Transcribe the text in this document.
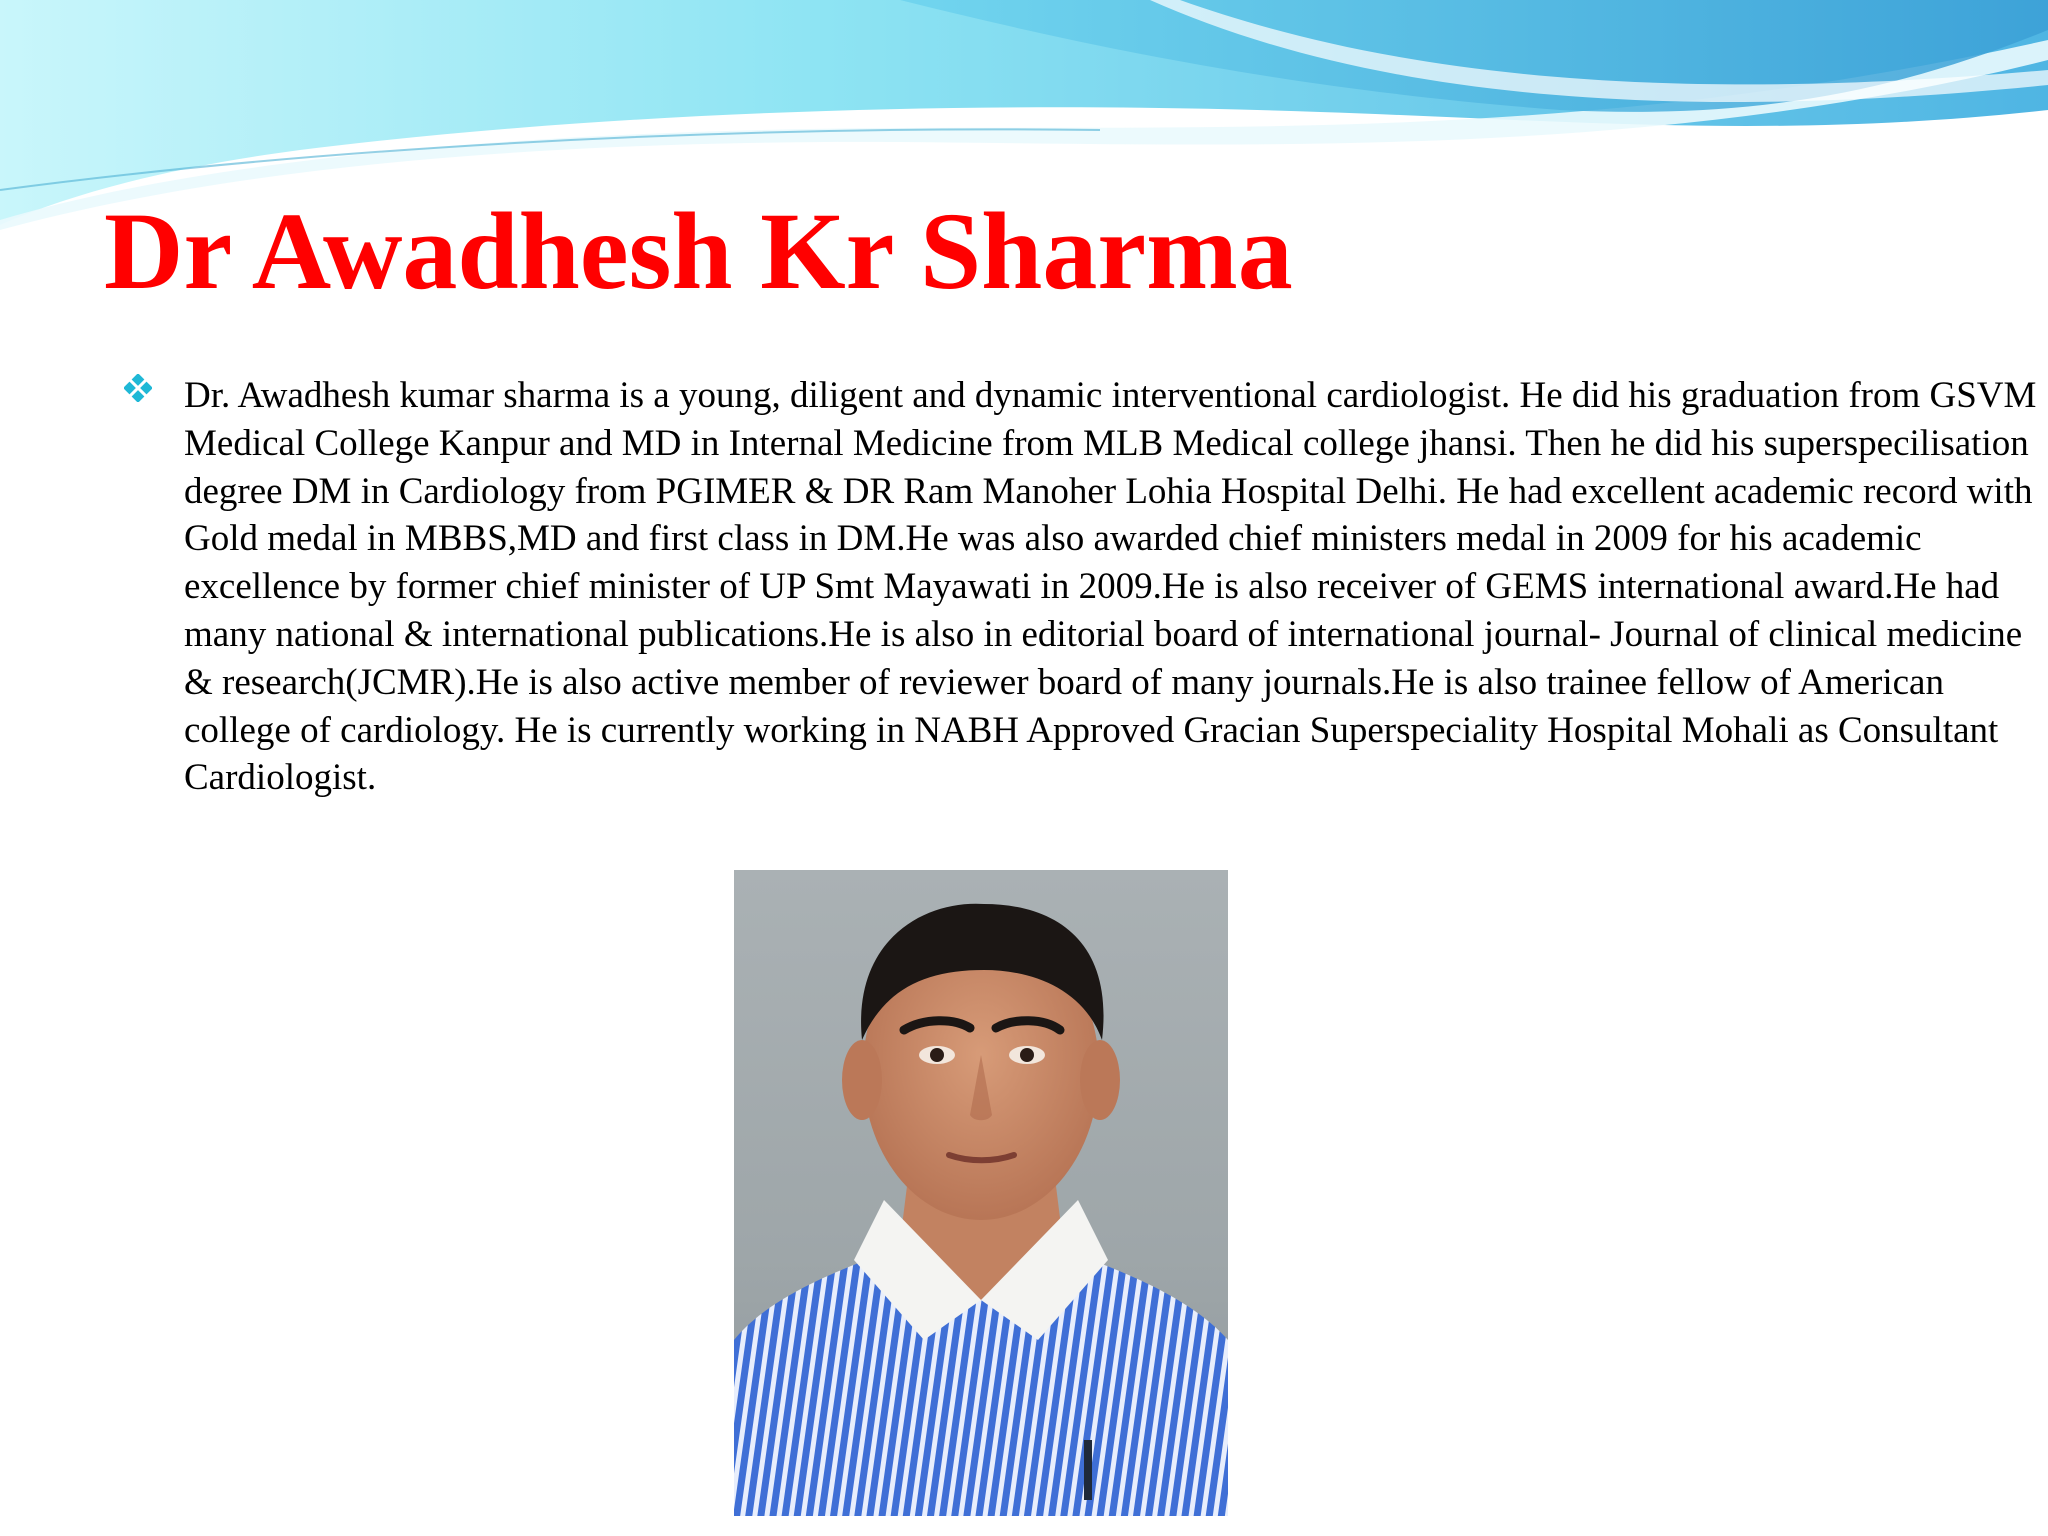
Dr Awadhesh Kr Sharma

Dr. Awadhesh kumar sharma is a young, diligent and dynamic interventional cardiologist. He did his graduation from GSVM Medical College Kanpur and MD in Internal Medicine from MLB Medical college jhansi. Then he did his superspecilisation degree DM in Cardiology from PGIMER & DR Ram Manoher Lohia Hospital Delhi. He had excellent academic record with Gold medal in MBBS,MD and first class in DM.He was also awarded chief ministers medal in 2009 for his academic excellence by former chief minister of UP Smt Mayawati in 2009.He is also receiver of GEMS international award.He had many national & international publications.He is also in editorial board of international journal- Journal of clinical medicine & research(JCMR).He is also active member of reviewer board of many journals.He is also trainee fellow of American college of cardiology. He is currently working in NABH Approved Gracian Superspeciality Hospital Mohali as Consultant Cardiologist.
